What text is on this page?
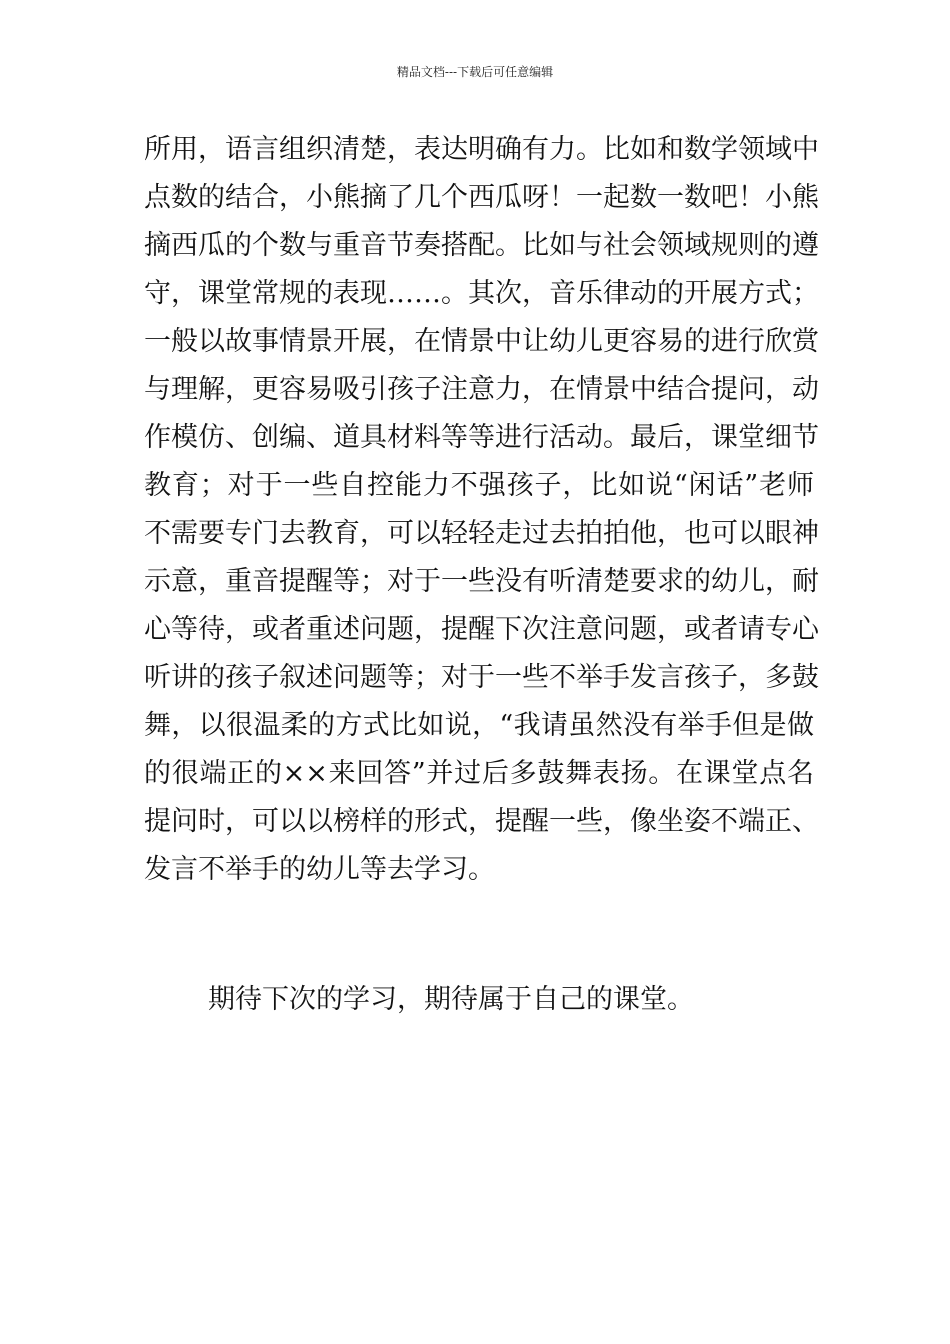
精品文档---下载后可任意编辑
所用，语言组织清楚，表达明确有力。比如和数学领域中
点数的结合，小熊摘了几个西瓜呀！一起数一数吧！小熊
摘西瓜的个数与重音节奏搭配。比如与社会领域规则的遵
守，课堂常规的表现……。其次，音乐律动的开展方式；
一般以故事情景开展，在情景中让幼儿更容易的进行欣赏
与理解，更容易吸引孩子注意力，在情景中结合提问，动
作模仿、创编、道具材料等等进行活动。最后，课堂细节
教育；对于一些自控能力不强孩子，比如说“闲话”老师
不需要专门去教育，可以轻轻走过去拍拍他，也可以眼神
示意，重音提醒等；对于一些没有听清楚要求的幼儿，耐
心等待，或者重述问题，提醒下次注意问题，或者请专心
听讲的孩子叙述问题等；对于一些不举手发言孩子，多鼓
舞，以很温柔的方式比如说，“我请虽然没有举手但是做
的很端正的××来回答”并过后多鼓舞表扬。在课堂点名
提问时，可以以榜样的形式，提醒一些，像坐姿不端正、
发言不举手的幼儿等去学习。
期待下次的学习，期待属于自己的课堂。
